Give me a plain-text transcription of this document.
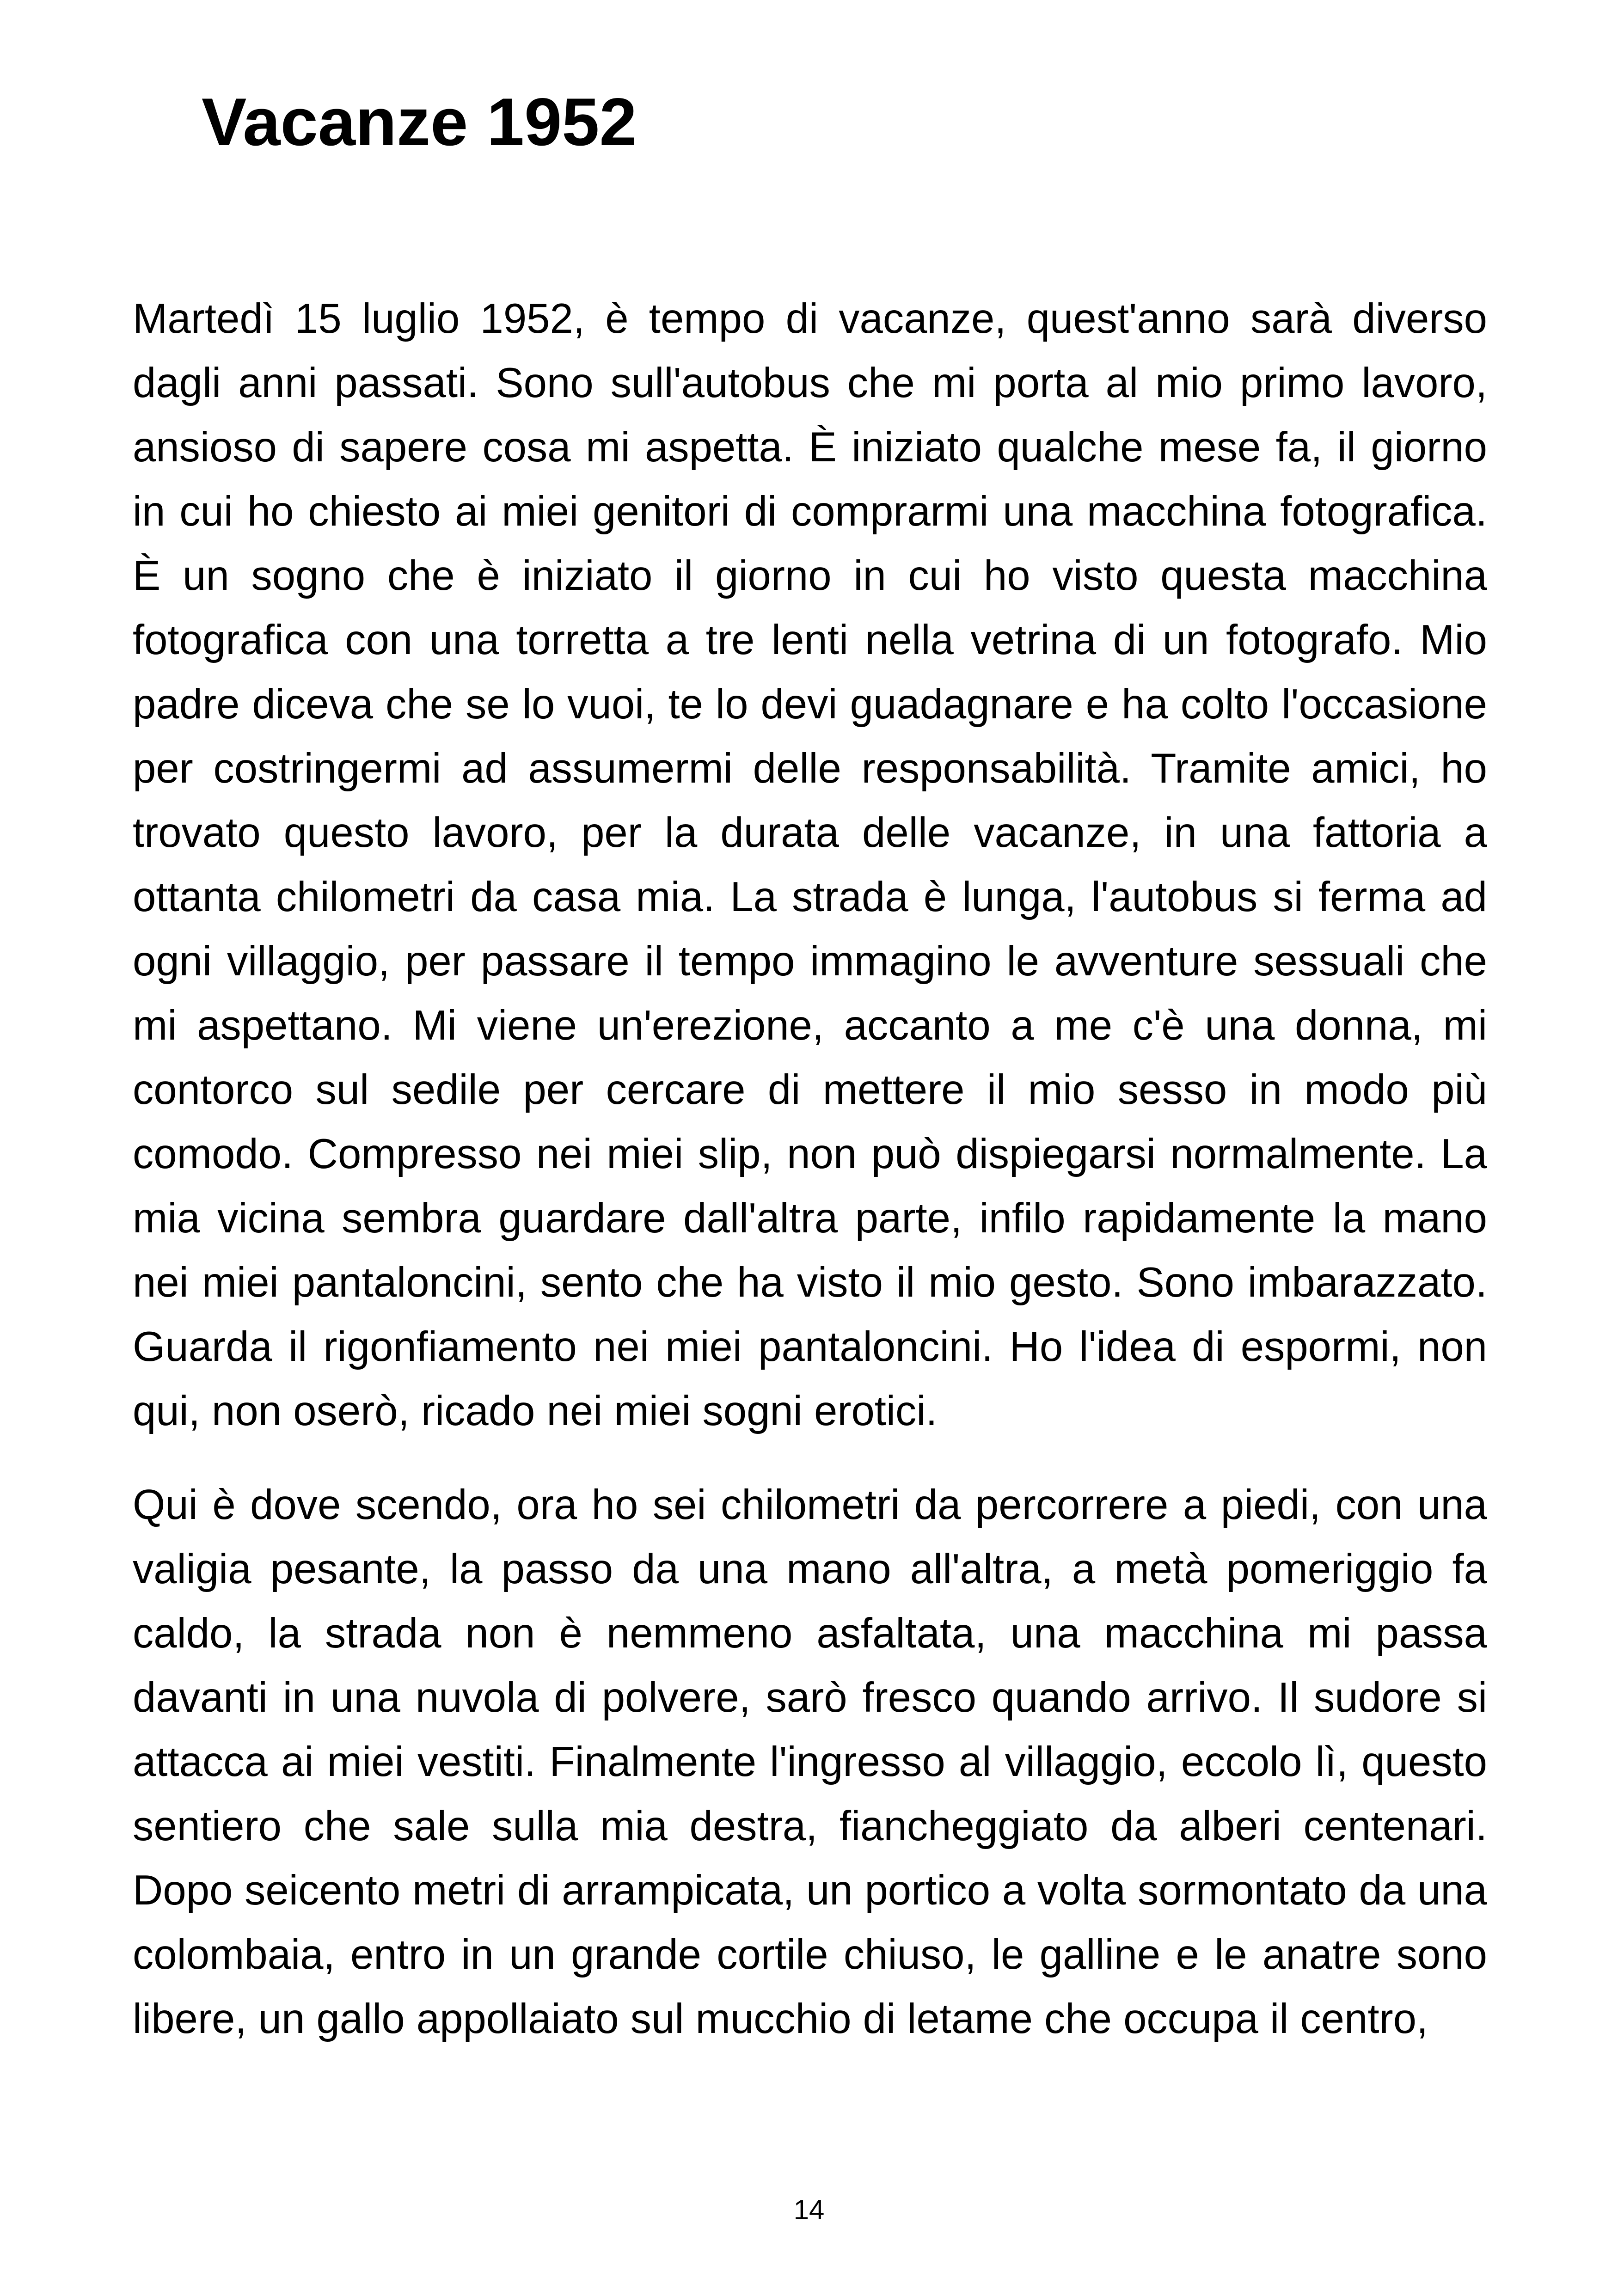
Vacanze 1952

Martedì 15 luglio 1952, è tempo di vacanze, quest'anno sarà diverso dagli anni passati. Sono sull'autobus che mi porta al mio primo lavoro, ansioso di sapere cosa mi aspetta. È iniziato qualche mese fa, il giorno in cui ho chiesto ai miei genitori di comprarmi una macchina fotografica. È un sogno che è iniziato il giorno in cui ho visto questa macchina fotografica con una torretta a tre lenti nella vetrina di un fotografo. Mio padre diceva che se lo vuoi, te lo devi guadagnare e ha colto l'occasione per costringermi ad assumermi delle responsabilità. Tramite amici, ho trovato questo lavoro, per la durata delle vacanze, in una fattoria a ottanta chilometri da casa mia. La strada è lunga, l'autobus si ferma ad ogni villaggio, per passare il tempo immagino le avventure sessuali che mi aspettano. Mi viene un'erezione, accanto a me c'è una donna, mi contorco sul sedile per cercare di mettere il mio sesso in modo più comodo. Compresso nei miei slip, non può dispiegarsi normalmente. La mia vicina sembra guardare dall'altra parte, infilo rapidamente la mano nei miei pantaloncini, sento che ha visto il mio gesto. Sono imbarazzato. Guarda il rigonfiamento nei miei pantaloncini. Ho l'idea di espormi, non qui, non oserò, ricado nei miei sogni erotici.

Qui è dove scendo, ora ho sei chilometri da percorrere a piedi, con una valigia pesante, la passo da una mano all'altra, a metà pomeriggio fa caldo, la strada non è nemmeno asfaltata, una macchina mi passa davanti in una nuvola di polvere, sarò fresco quando arrivo. Il sudore si attacca ai miei vestiti. Finalmente l'ingresso al villaggio, eccolo lì, questo sentiero che sale sulla mia destra, fiancheggiato da alberi centenari. Dopo seicento metri di arrampicata, un portico a volta sormontato da una colombaia, entro in un grande cortile chiuso, le galline e le anatre sono libere, un gallo appollaiato sul mucchio di letame che occupa il centro,

14
